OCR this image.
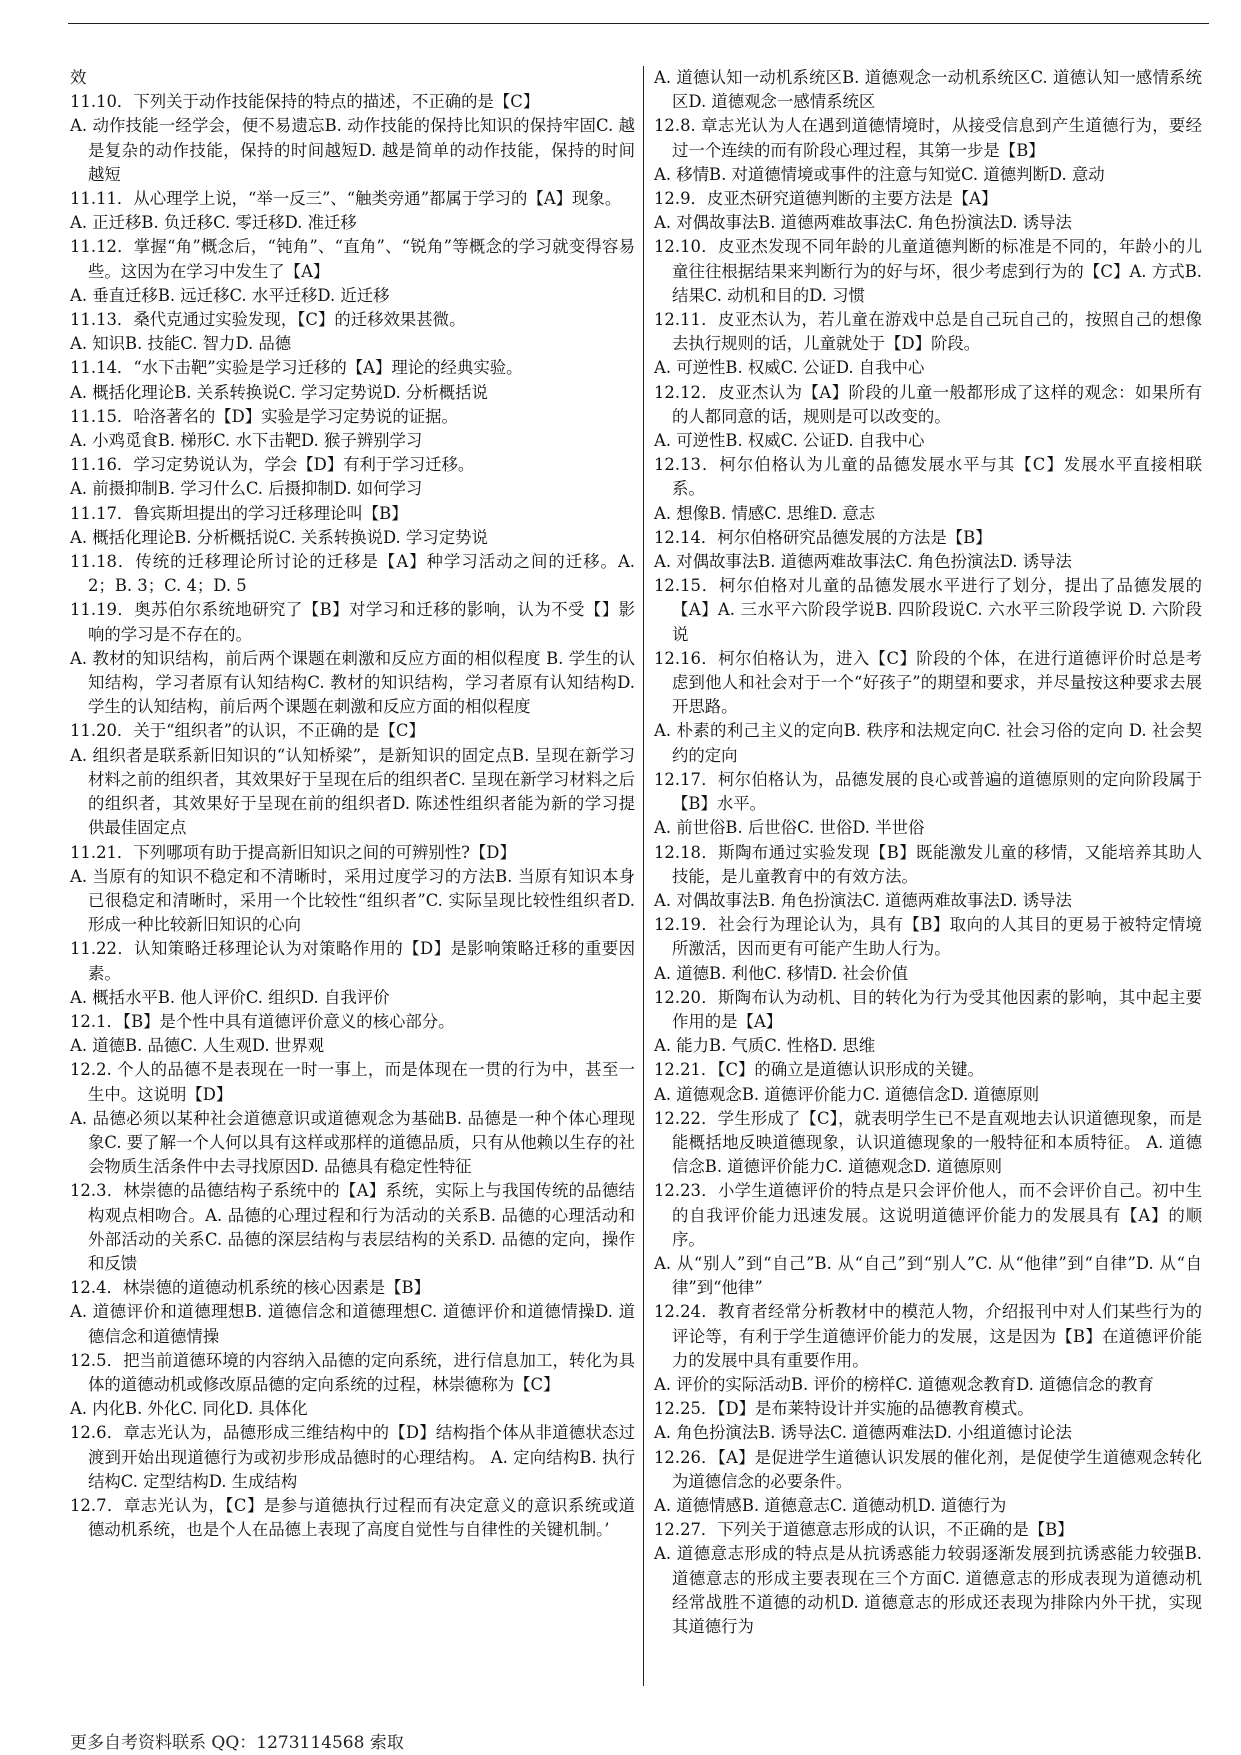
效

11.10．下列关于动作技能保持的特点的描述，不正确的是【C】

A. 动作技能一经学会，便不易遗忘B. 动作技能的保持比知识的保持牢固C. 越是复杂的动作技能，保持的时间越短D. 越是简单的动作技能，保持的时间越短

11.11．从心理学上说，“举一反三”、“触类旁通”都属于学习的【A】现象。

A. 正迁移B. 负迁移C. 零迁移D. 准迁移

11.12．掌握“角”概念后，“钝角”、“直角”、“锐角”等概念的学习就变得容易些。这因为在学习中发生了【A】

A. 垂直迁移B. 远迁移C. 水平迁移D. 近迁移

11.13．桑代克通过实验发现，【C】的迁移效果甚微。

A. 知识B. 技能C. 智力D. 品德

11.14．“水下击靶”实验是学习迁移的【A】理论的经典实验。

A. 概括化理论B. 关系转换说C. 学习定势说D. 分析概括说

11.15．哈洛著名的【D】实验是学习定势说的证据。

A. 小鸡觅食B. 梯形C. 水下击靶D. 猴子辨别学习

11.16．学习定势说认为，学会【D】有利于学习迁移。

A. 前摄抑制B. 学习什么C. 后摄抑制D. 如何学习

11.17．鲁宾斯坦提出的学习迁移理论叫【B】

A. 概括化理论B. 分析概括说C. 关系转换说D. 学习定势说

11.18．传统的迁移理论所讨论的迁移是【A】种学习活动之间的迁移。A. 2；B. 3；C. 4；D. 5

11.19．奥苏伯尔系统地研究了【B】对学习和迁移的影响，认为不受【】影响的学习是不存在的。

A. 教材的知识结构，前后两个课题在刺激和反应方面的相似程度 B. 学生的认知结构，学习者原有认知结构C. 教材的知识结构，学习者原有认知结构D. 学生的认知结构，前后两个课题在刺激和反应方面的相似程度

11.20．关于“组织者”的认识，不正确的是【C】

A. 组织者是联系新旧知识的“认知桥梁”，是新知识的固定点B. 呈现在新学习材料之前的组织者，其效果好于呈现在后的组织者C. 呈现在新学习材料之后的组织者，其效果好于呈现在前的组织者D. 陈述性组织者能为新的学习提供最佳固定点

11.21．下列哪项有助于提高新旧知识之间的可辨别性?【D】

A. 当原有的知识不稳定和不清晰时，采用过度学习的方法B. 当原有知识本身已很稳定和清晰时，采用一个比较性“组织者”C. 实际呈现比较性组织者D. 形成一种比较新旧知识的心向

11.22．认知策略迁移理论认为对策略作用的【D】是影响策略迁移的重要因素。

A. 概括水平B. 他人评价C. 组织D. 自我评价

12.1．【B】是个性中具有道德评价意义的核心部分。

A. 道德B. 品德C. 人生观D. 世界观

12.2. 个人的品德不是表现在一时一事上，而是体现在一贯的行为中，甚至一生中。这说明【D】

A. 品德必须以某种社会道德意识或道德观念为基础B. 品德是一种个体心理现象C. 要了解一个人何以具有这样或那样的道德品质，只有从他赖以生存的社会物质生活条件中去寻找原因D. 品德具有稳定性特征

12.3．林崇德的品德结构子系统中的【A】系统，实际上与我国传统的品德结构观点相吻合。A. 品德的心理过程和行为活动的关系B. 品德的心理活动和外部活动的关系C. 品德的深层结构与表层结构的关系D. 品德的定向，操作和反馈

12.4．林崇德的道德动机系统的核心因素是【B】

A. 道德评价和道德理想B. 道德信念和道德理想C. 道德评价和道德情操D. 道德信念和道德情操

12.5．把当前道德环境的内容纳入品德的定向系统，进行信息加工，转化为具体的道德动机或修改原品德的定向系统的过程，林崇德称为【C】

A. 内化B. 外化C. 同化D. 具体化

12.6．章志光认为，品德形成三维结构中的【D】结构指个体从非道德状态过渡到开始出现道德行为或初步形成品德时的心理结构。 A. 定向结构B. 执行结构C. 定型结构D. 生成结构

12.7．章志光认为，【C】是参与道德执行过程而有决定意义的意识系统或道德动机系统，也是个人在品德上表现了高度自觉性与自律性的关键机制。’

A. 道德认知一动机系统区B. 道德观念一动机系统区C. 道德认知一感情系统区D. 道德观念一感情系统区

12.8. 章志光认为人在遇到道德情境时，从接受信息到产生道德行为，要经过一个连续的而有阶段心理过程，其第一步是【B】

A. 移情B. 对道德情境或事件的注意与知觉C. 道德判断D. 意动

12.9．皮亚杰研究道德判断的主要方法是【A】

A. 对偶故事法B. 道德两难故事法C. 角色扮演法D. 诱导法

12.10．皮亚杰发现不同年龄的儿童道德判断的标准是不同的，年龄小的儿童往往根据结果来判断行为的好与坏，很少考虑到行为的【C】A. 方式B. 结果C. 动机和目的D. 习惯

12.11．皮亚杰认为，若儿童在游戏中总是自己玩自己的，按照自己的想像去执行规则的话，儿童就处于【D】阶段。

A. 可逆性B. 权威C. 公证D. 自我中心

12.12．皮亚杰认为【A】阶段的儿童一般都形成了这样的观念：如果所有的人都同意的话，规则是可以改变的。

A. 可逆性B. 权威C. 公证D. 自我中心

12.13．柯尔伯格认为儿童的品德发展水平与其【C】发展水平直接相联系。

A. 想像B. 情感C. 思维D. 意志

12.14．柯尔伯格研究品德发展的方法是【B】

A. 对偶故事法B. 道德两难故事法C. 角色扮演法D. 诱导法

12.15．柯尔伯格对儿童的品德发展水平进行了划分，提出了品德发展的【A】A. 三水平六阶段学说B. 四阶段说C. 六水平三阶段学说 D. 六阶段说

12.16．柯尔伯格认为，进入【C】阶段的个体，在进行道德评价时总是考虑到他人和社会对于一个“好孩子”的期望和要求，并尽量按这种要求去展开思路。

A. 朴素的利己主义的定向B. 秩序和法规定向C. 社会习俗的定向 D. 社会契约的定向

12.17．柯尔伯格认为，品德发展的良心或普遍的道德原则的定向阶段属于【B】水平。

A. 前世俗B. 后世俗C. 世俗D. 半世俗

12.18．斯陶布通过实验发现【B】既能激发儿童的移情，又能培养其助人技能，是儿童教育中的有效方法。

A. 对偶故事法B. 角色扮演法C. 道德两难故事法D. 诱导法

12.19．社会行为理论认为，具有【B】取向的人其目的更易于被特定情境所激活，因而更有可能产生助人行为。

A. 道德B. 利他C. 移情D. 社会价值

12.20．斯陶布认为动机、目的转化为行为受其他因素的影响，其中起主要作用的是【A】

A. 能力B. 气质C. 性格D. 思维

12.21．【C】的确立是道德认识形成的关键。

A. 道德观念B. 道德评价能力C. 道德信念D. 道德原则

12.22．学生形成了【C】，就表明学生已不是直观地去认识道德现象，而是能概括地反映道德现象，认识道德现象的一般特征和本质特征。 A. 道德信念B. 道德评价能力C. 道德观念D. 道德原则

12.23．小学生道德评价的特点是只会评价他人，而不会评价自己。初中生的自我评价能力迅速发展。这说明道德评价能力的发展具有【A】的顺序。

A. 从“别人”到“自己”B. 从“自己”到“别人”C. 从“他律”到“自律”D. 从“自律”到“他律”

12.24．教育者经常分析教材中的模范人物，介绍报刊中对人们某些行为的评论等，有利于学生道德评价能力的发展，这是因为【B】在道德评价能力的发展中具有重要作用。

A. 评价的实际活动B. 评价的榜样C. 道德观念教育D. 道德信念的教育

12.25．【D】是布莱特设计并实施的品德教育模式。

A. 角色扮演法B. 诱导法C. 道德两难法D. 小组道德讨论法

12.26．【A】是促进学生道德认识发展的催化剂，是促使学生道德观念转化为道德信念的必要条件。

A. 道德情感B. 道德意志C. 道德动机D. 道德行为

12.27．下列关于道德意志形成的认识，不正确的是【B】

A. 道德意志形成的特点是从抗诱惑能力较弱逐渐发展到抗诱惑能力较强B. 道德意志的形成主要表现在三个方面C. 道德意志的形成表现为道德动机经常战胜不道德的动机D. 道德意志的形成还表现为排除内外干扰，实现其道德行为

更多自考资料联系 QQ：1273114568 索取
